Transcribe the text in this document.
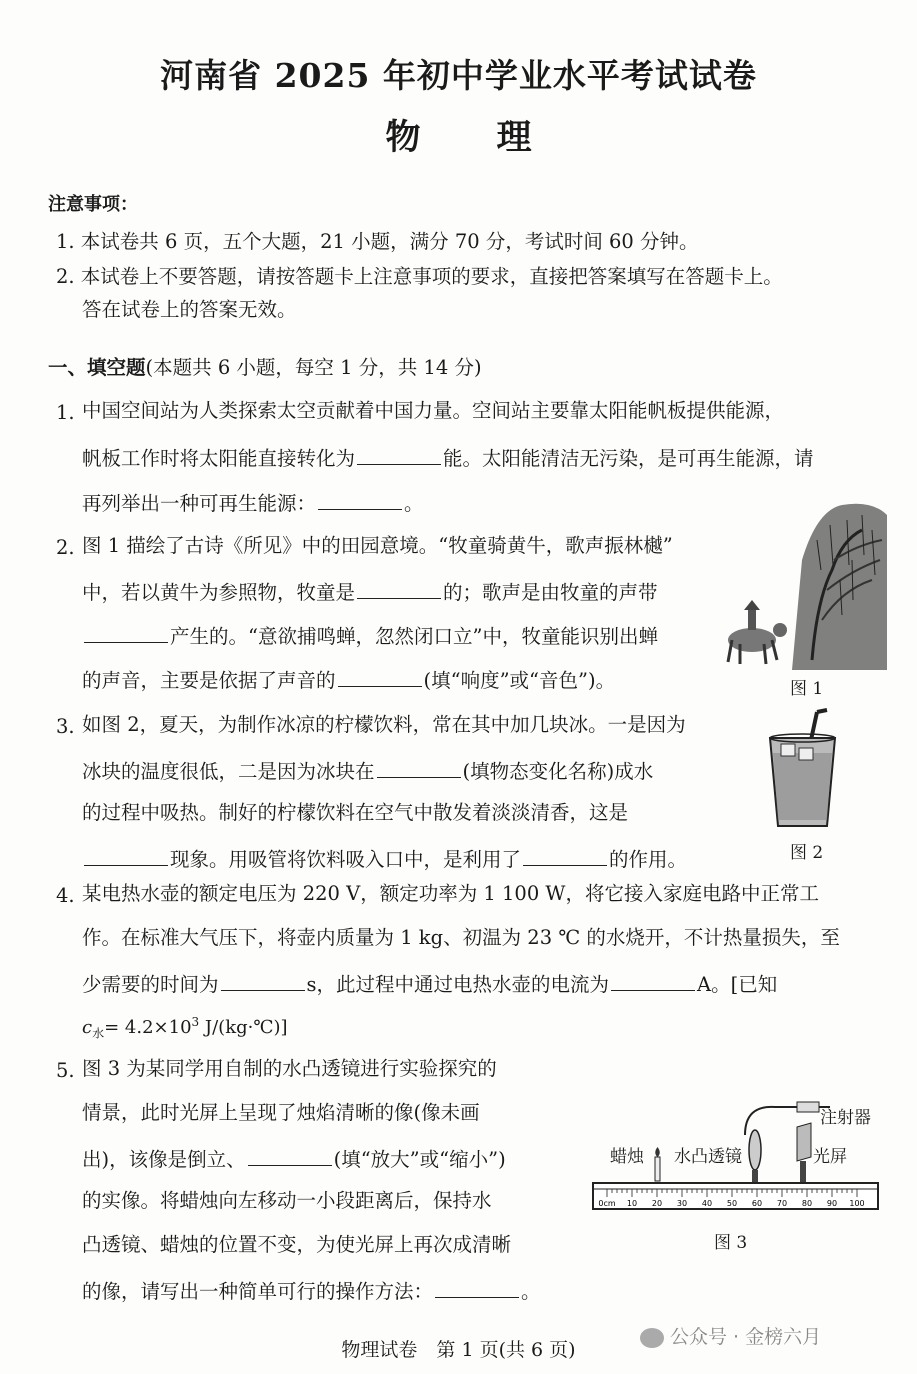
河南省 2025 年初中学业水平考试试卷
物 理
注意事项：
1. 本试卷共 6 页，五个大题，21 小题，满分 70 分，考试时间 60 分钟。
2. 本试卷上不要答题，请按答题卡上注意事项的要求，直接把答案填写在答题卡上。
答在试卷上的答案无效。
一、填空题(本题共 6 小题，每空 1 分，共 14 分)
1. 中国空间站为人类探索太空贡献着中国力量。空间站主要靠太阳能帆板提供能源，
帆板工作时将太阳能直接转化为	能。太阳能清洁无污染，是可再生能源，请
再列举出一种可再生能源：	。
2. 图 1 描绘了古诗《所见》中的田园意境。“牧童骑黄牛，歌声振林樾”
中，若以黄牛为参照物，牧童是	的；歌声是由牧童的声带
产生的。“意欲捕鸣蝉，忽然闭口立”中，牧童能识别出蝉
的声音，主要是依据了声音的	(填“响度”或“音色”)。	图 1
3. 如图 2，夏天，为制作冰凉的柠檬饮料，常在其中加几块冰。一是因为
冰块的温度很低，二是因为冰块在	(填物态变化名称)成水
的过程中吸热。制好的柠檬饮料在空气中散发着淡淡清香，这是
现象。用吸管将饮料吸入口中，是利用了	的作用。	图 2
4. 某电热水壶的额定电压为 220 V，额定功率为 1 100 W，将它接入家庭电路中正常工
作。在标准大气压下，将壶内质量为 1 kg、初温为 23 ℃ 的水烧开，不计热量损失，至
少需要的时间为	s，此过程中通过电热水壶的电流为	A。[已知
$c_水= 4.2\times 10^3$ J/(kg·℃)]
5. 图 3 为某同学用自制的水凸透镜进行实验探究的
情景，此时光屏上呈现了烛焰清晰的像(像未画
出)，该像是倒立、	(填“放大”或“缩小”)
的实像。将蜡烛向左移动一小段距离后，保持水
凸透镜、蜡烛的位置不变，为使光屏上再次成清晰
的像，请写出一种简单可行的操作方法：	。
0cm 10 20 30 40 50 60 70 80 90 100
蜡烛 水凸透镜	光屏
注射器
图 3
物理试卷　第 1 页(共 6 页)
公众号 · 金榜六月
